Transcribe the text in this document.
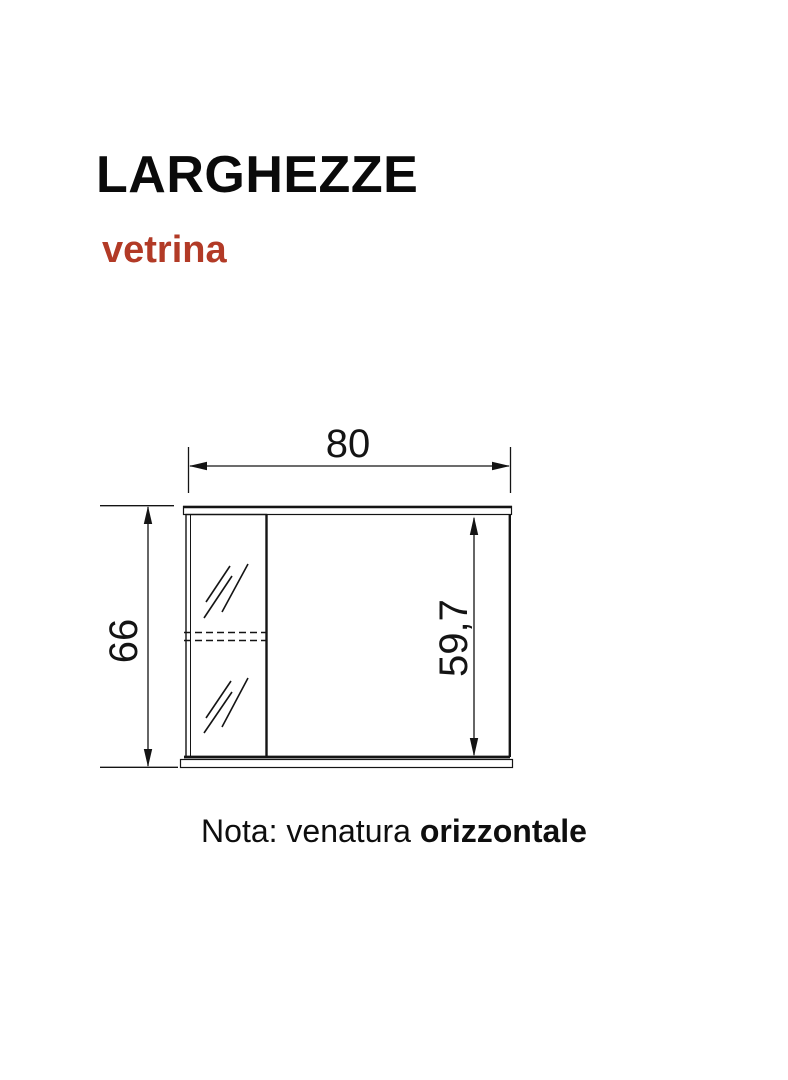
LARGHEZZE
vetrina
80
66	59,7
Nota: venatura orizzontale
